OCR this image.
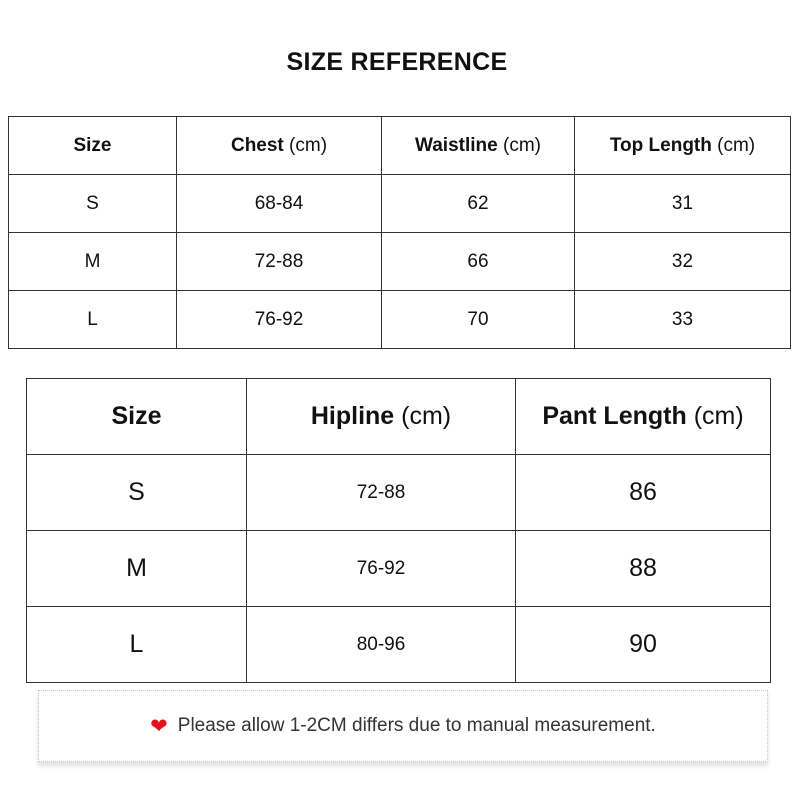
SIZE REFERENCE
Size	Chest (cm)	Waistline (cm)	Top Length (cm)
S	68-84	62	31
M	72-88	66	32
L	76-92	70	33
Size	Hipline (cm)	Pant Length (cm)
S	72-88	86
M	76-92	88
L	80-96	90
❤ Please allow 1-2CM differs due to manual measurement.
